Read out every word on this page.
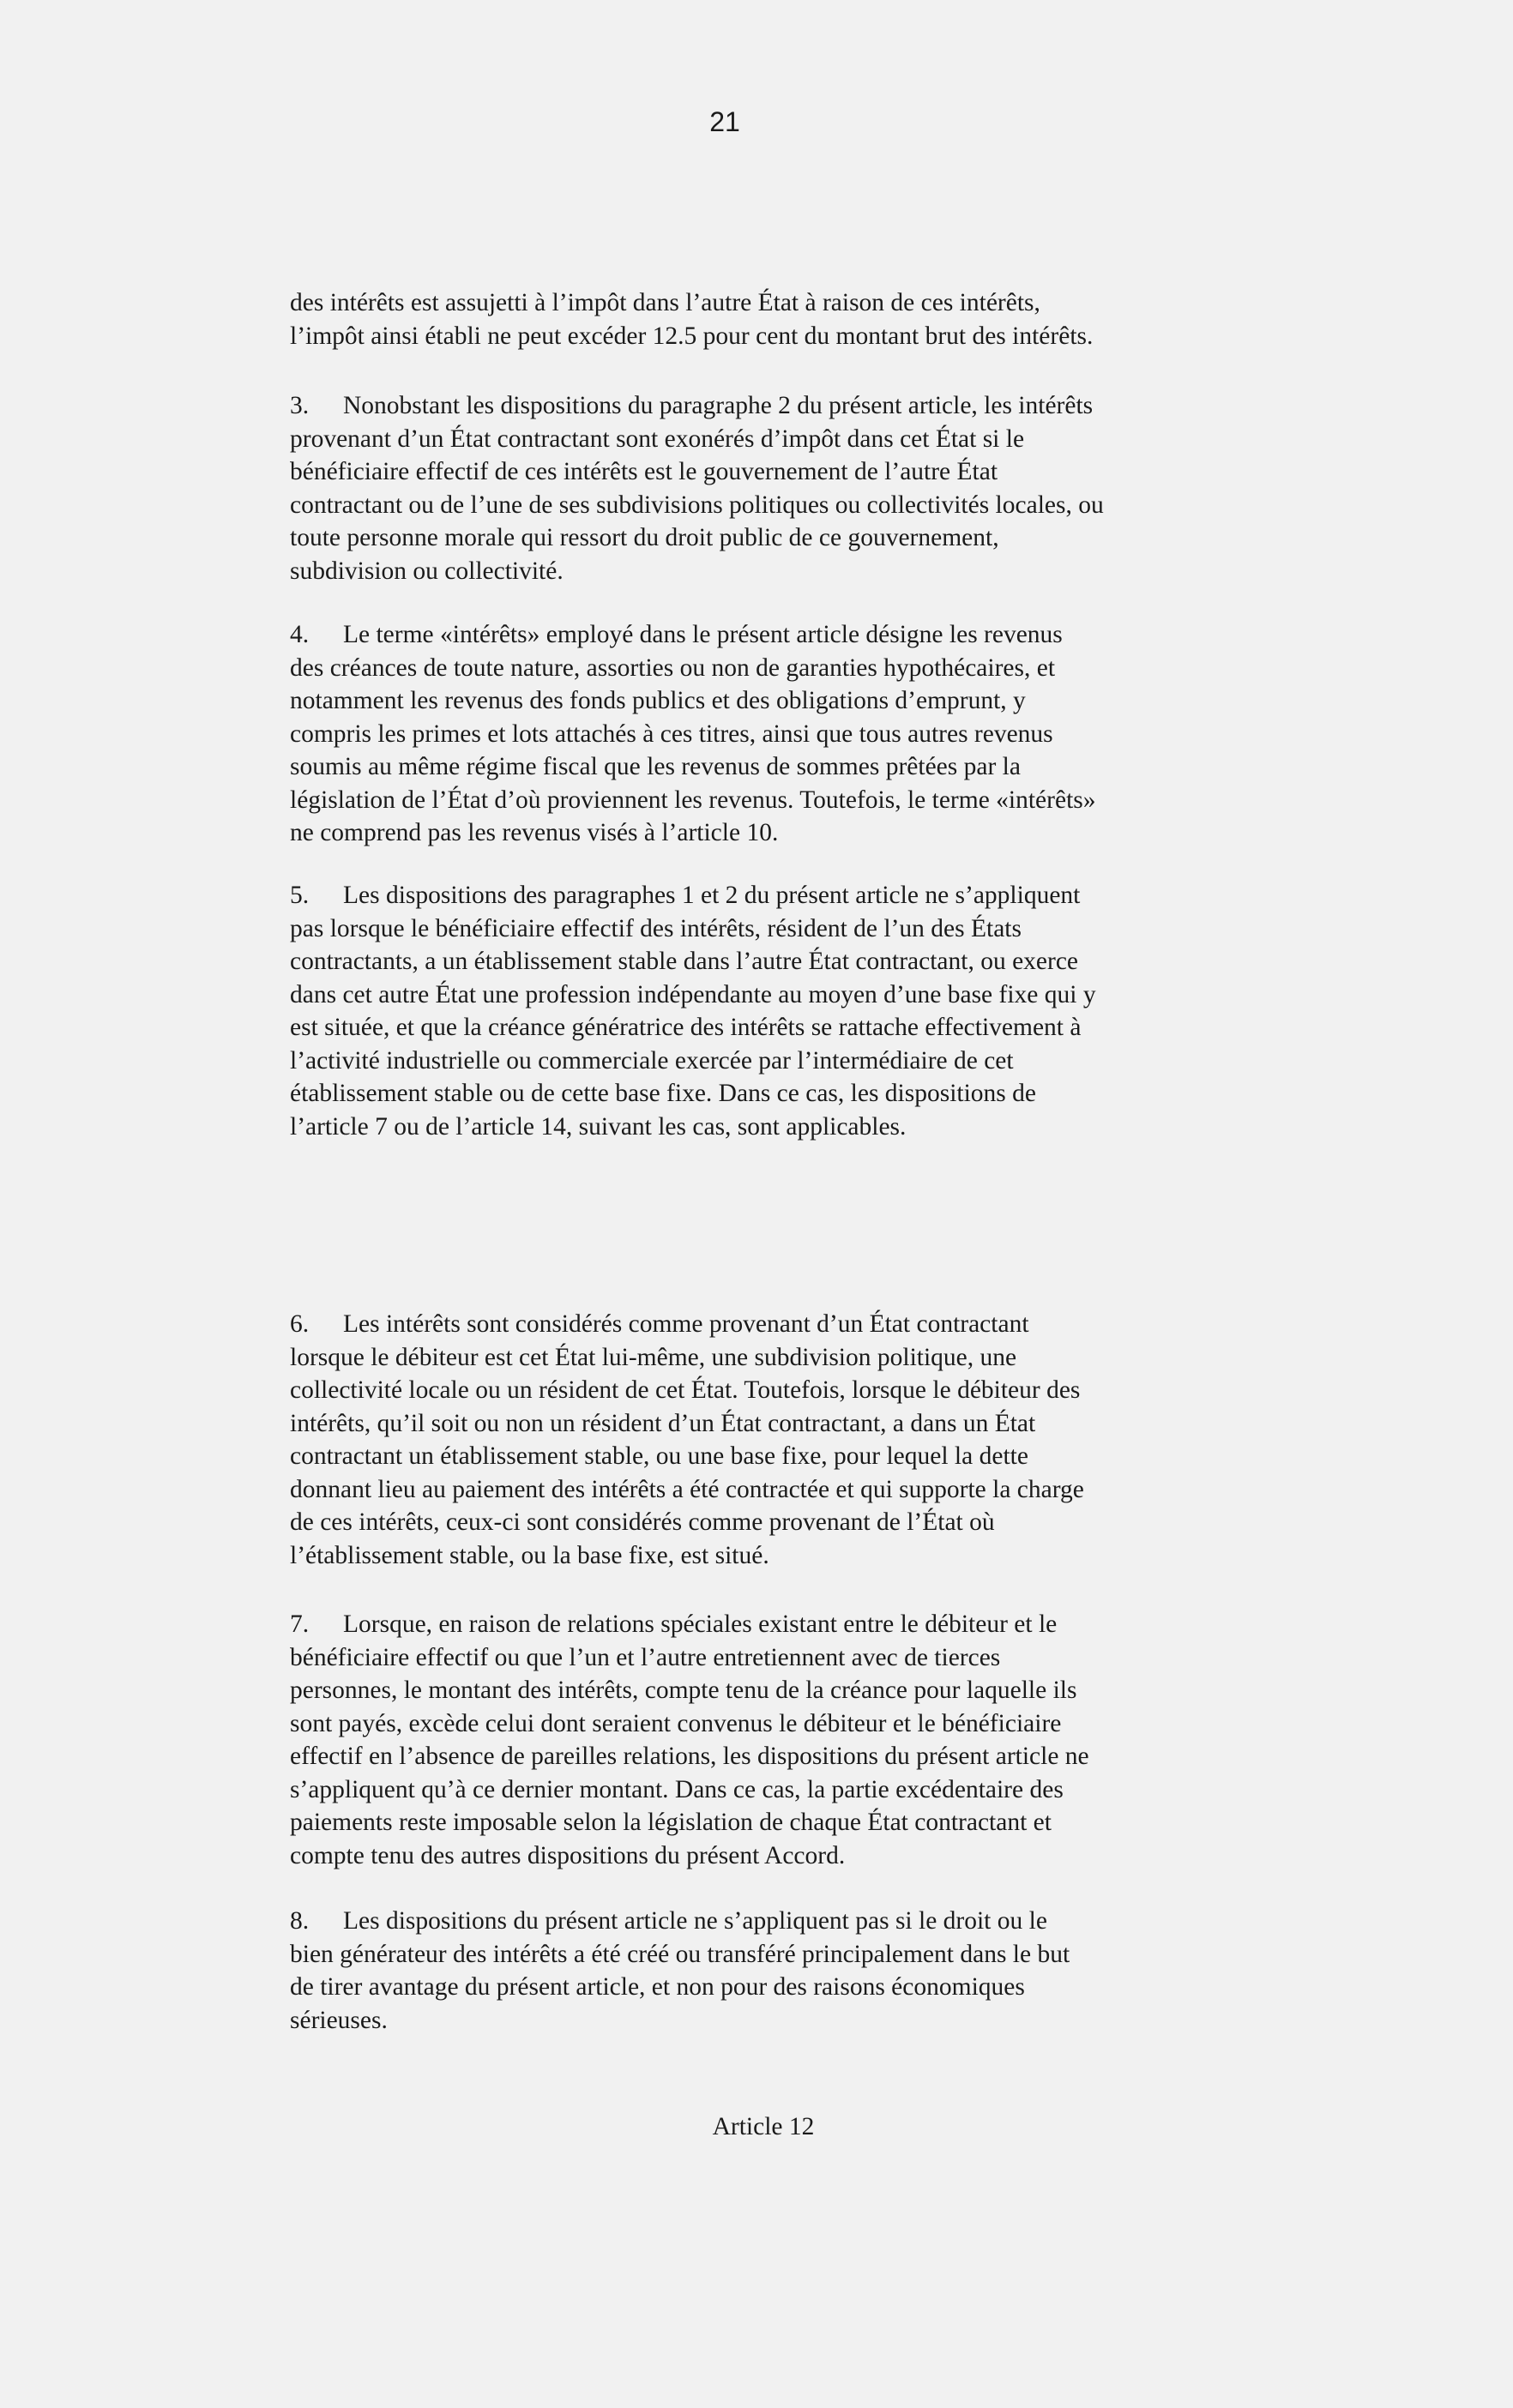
21
des intérêts est assujetti à l’impôt dans l’autre État à raison de ces intérêts,
l’impôt ainsi établi ne peut excéder 12.5 pour cent du montant brut des intérêts.
3. Nonobstant les dispositions du paragraphe 2 du présent article, les intérêts
provenant d’un État contractant sont exonérés d’impôt dans cet État si le
bénéficiaire effectif de ces intérêts est le gouvernement de l’autre État
contractant ou de l’une de ses subdivisions politiques ou collectivités locales, ou
toute personne morale qui ressort du droit public de ce gouvernement,
subdivision ou collectivité.
4. Le terme «intérêts» employé dans le présent article désigne les revenus
des créances de toute nature, assorties ou non de garanties hypothécaires, et
notamment les revenus des fonds publics et des obligations d’emprunt, y
compris les primes et lots attachés à ces titres, ainsi que tous autres revenus
soumis au même régime fiscal que les revenus de sommes prêtées par la
législation de l’État d’où proviennent les revenus. Toutefois, le terme «intérêts»
ne comprend pas les revenus visés à l’article 10.
5. Les dispositions des paragraphes 1 et 2 du présent article ne s’appliquent
pas lorsque le bénéficiaire effectif des intérêts, résident de l’un des États
contractants, a un établissement stable dans l’autre État contractant, ou exerce
dans cet autre État une profession indépendante au moyen d’une base fixe qui y
est située, et que la créance génératrice des intérêts se rattache effectivement à
l’activité industrielle ou commerciale exercée par l’intermédiaire de cet
établissement stable ou de cette base fixe. Dans ce cas, les dispositions de
l’article 7 ou de l’article 14, suivant les cas, sont applicables.
6. Les intérêts sont considérés comme provenant d’un État contractant
lorsque le débiteur est cet État lui-même, une subdivision politique, une
collectivité locale ou un résident de cet État. Toutefois, lorsque le débiteur des
intérêts, qu’il soit ou non un résident d’un État contractant, a dans un État
contractant un établissement stable, ou une base fixe, pour lequel la dette
donnant lieu au paiement des intérêts a été contractée et qui supporte la charge
de ces intérêts, ceux-ci sont considérés comme provenant de l’État où
l’établissement stable, ou la base fixe, est situé.
7. Lorsque, en raison de relations spéciales existant entre le débiteur et le
bénéficiaire effectif ou que l’un et l’autre entretiennent avec de tierces
personnes, le montant des intérêts, compte tenu de la créance pour laquelle ils
sont payés, excède celui dont seraient convenus le débiteur et le bénéficiaire
effectif en l’absence de pareilles relations, les dispositions du présent article ne
s’appliquent qu’à ce dernier montant. Dans ce cas, la partie excédentaire des
paiements reste imposable selon la législation de chaque État contractant et
compte tenu des autres dispositions du présent Accord.
8. Les dispositions du présent article ne s’appliquent pas si le droit ou le
bien générateur des intérêts a été créé ou transféré principalement dans le but
de tirer avantage du présent article, et non pour des raisons économiques
sérieuses.
Article 12
